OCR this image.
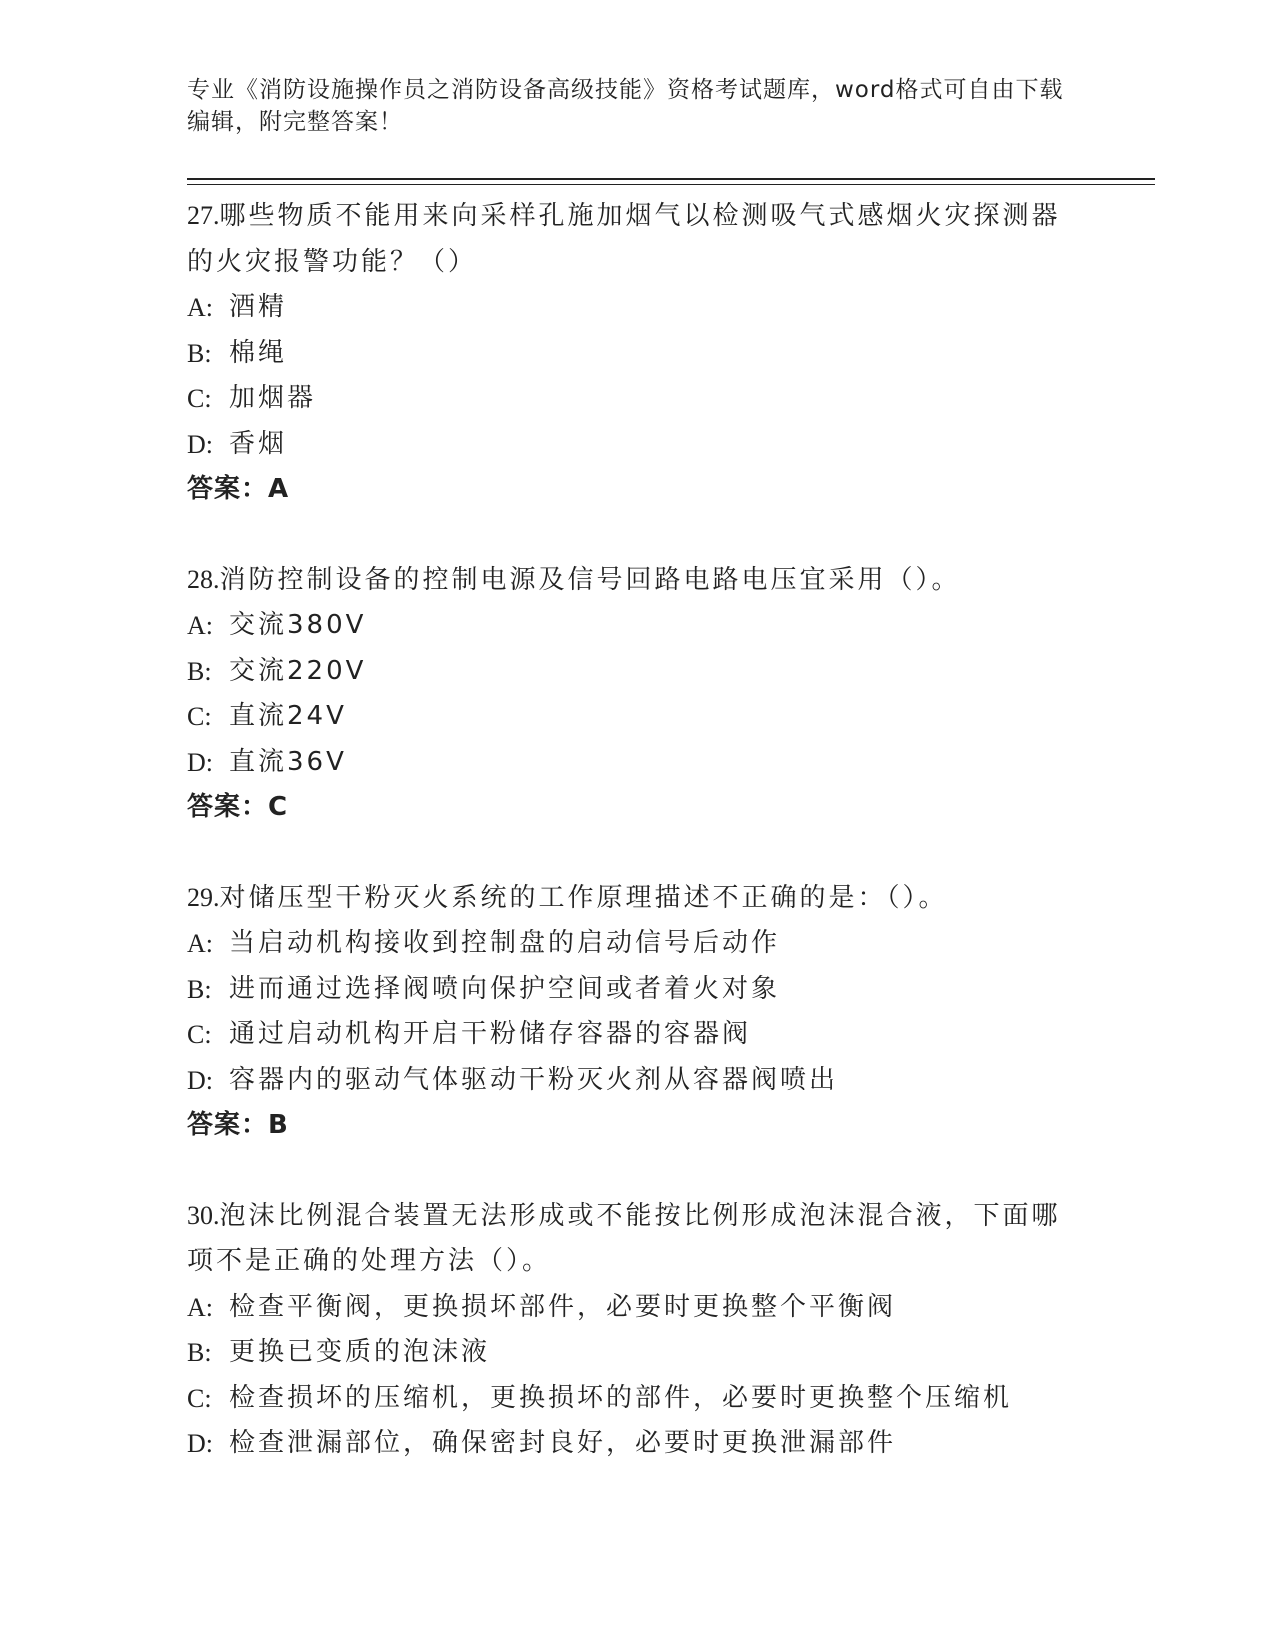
专业《消防设施操作员之消防设备高级技能》资格考试题库，word格式可自由下载编辑，附完整答案！
27.哪些物质不能用来向采样孔施加烟气以检测吸气式感烟火灾探测器的火灾报警功能？（）
A: 酒精
B: 棉绳
C: 加烟器
D: 香烟
答案：A
28.消防控制设备的控制电源及信号回路电路电压宜采用（）。
A: 交流380V
B: 交流220V
C: 直流24V
D: 直流36V
答案：C
29.对储压型干粉灭火系统的工作原理描述不正确的是：（）。
A: 当启动机构接收到控制盘的启动信号后动作
B: 进而通过选择阀喷向保护空间或者着火对象
C: 通过启动机构开启干粉储存容器的容器阀
D: 容器内的驱动气体驱动干粉灭火剂从容器阀喷出
答案：B
30.泡沫比例混合装置无法形成或不能按比例形成泡沫混合液，下面哪项不是正确的处理方法（）。
A: 检查平衡阀，更换损坏部件，必要时更换整个平衡阀
B: 更换已变质的泡沫液
C: 检查损坏的压缩机，更换损坏的部件，必要时更换整个压缩机
D: 检查泄漏部位，确保密封良好，必要时更换泄漏部件
